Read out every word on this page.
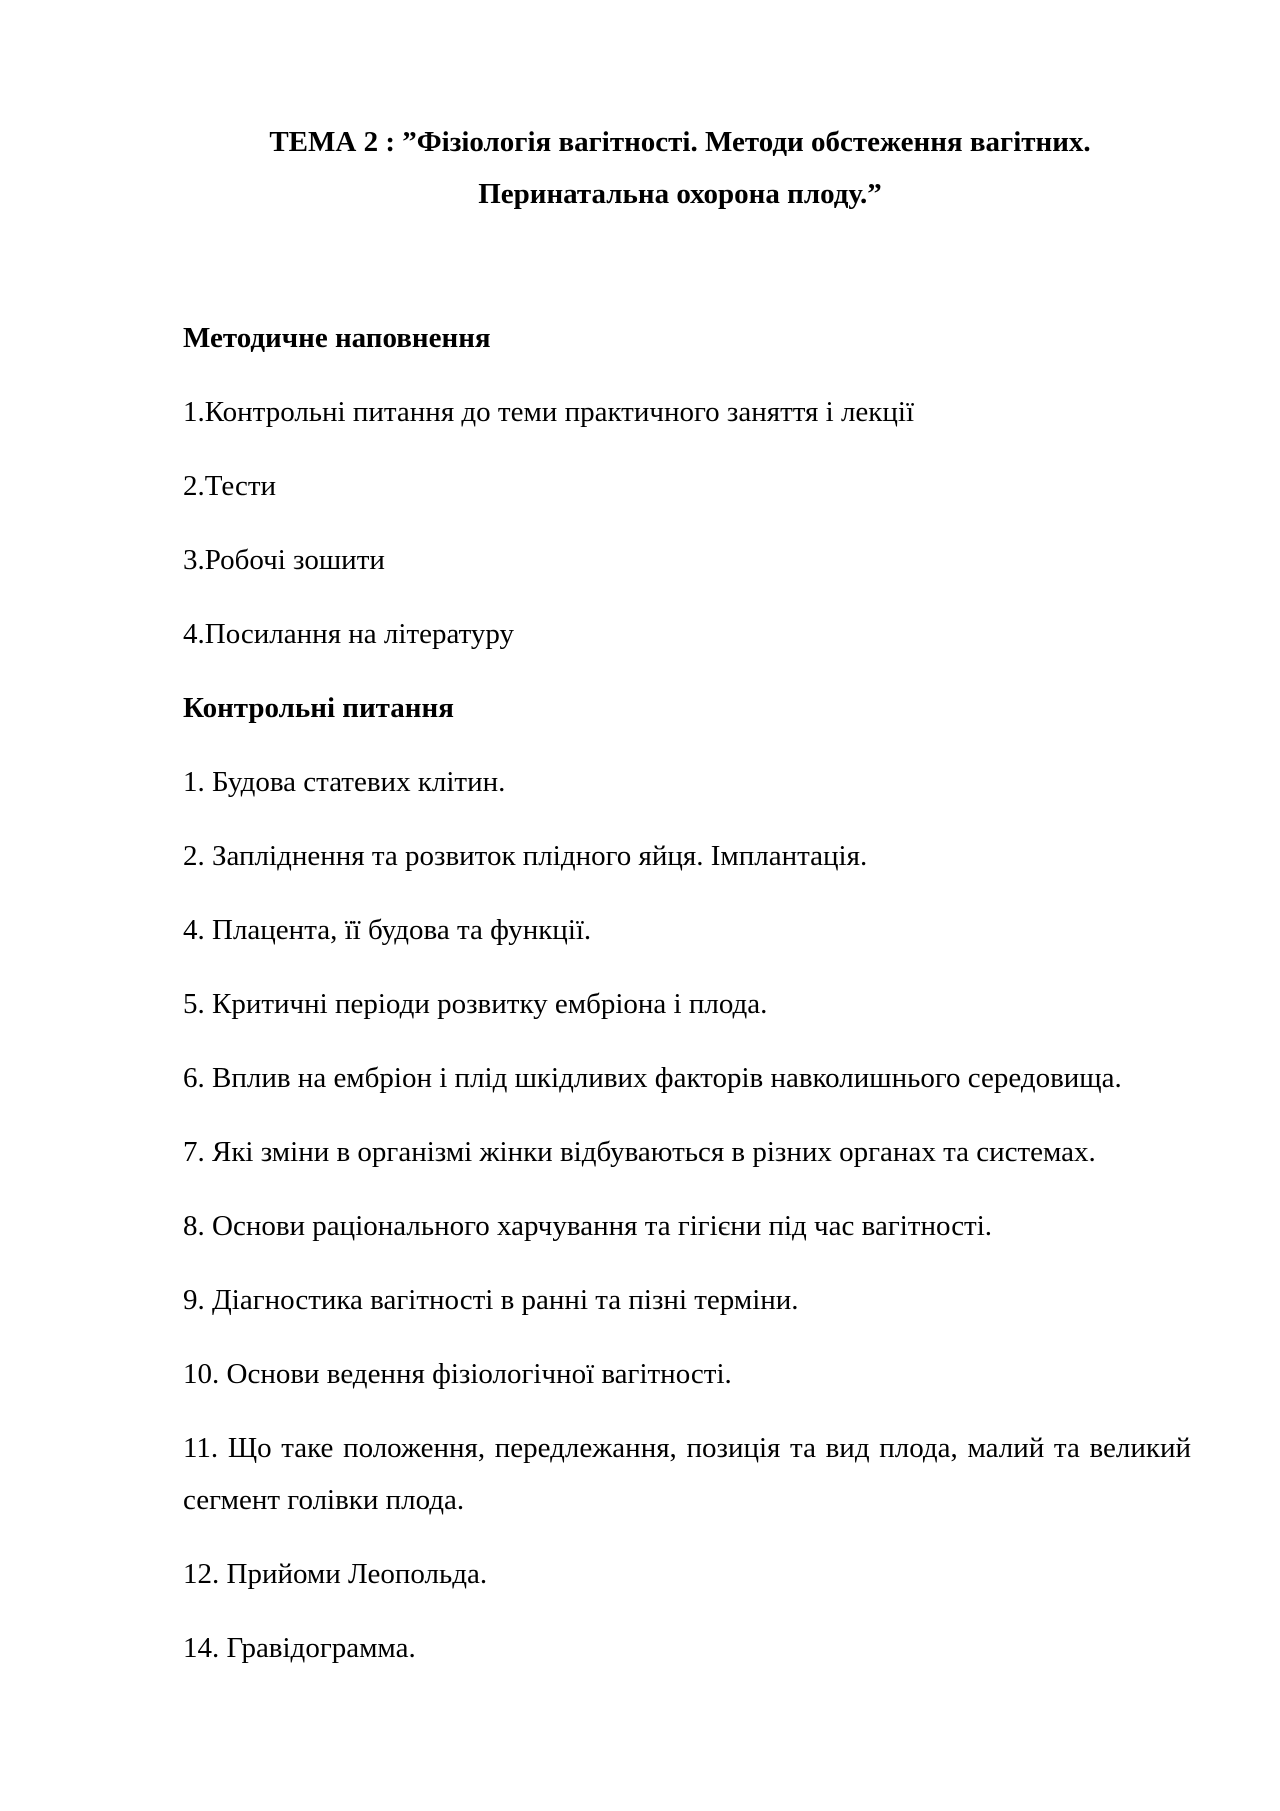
ТЕМА 2 : ”Фізіологія вагітності. Методи обстеження вагітних.
Перинатальна охорона плоду.”

Методичне наповнення

1.Контрольні питання до теми практичного заняття і лекції

2.Тести

3.Робочі зошити

4.Посилання на літературу

Контрольні питання

1. Будова статевих клітин.

2. Запліднення та розвиток плідного яйця. Імплантація.

4. Плацента, її будова та функції.

5. Критичні періоди розвитку ембріона і плода.

6. Вплив на ембріон і плід шкідливих факторів навколишнього середовища.

7. Які зміни в організмі жінки відбуваються в різних органах та системах.

8. Основи раціонального харчування та гігієни під час вагітності.

9. Діагностика вагітності в ранні та пізні терміни.

10. Основи ведення фізіологічної вагітності.

11. Що таке положення, передлежання, позиція та вид плода, малий та великий сегмент голівки плода.

12. Прийоми Леопольда.

14. Гравідограмма.
